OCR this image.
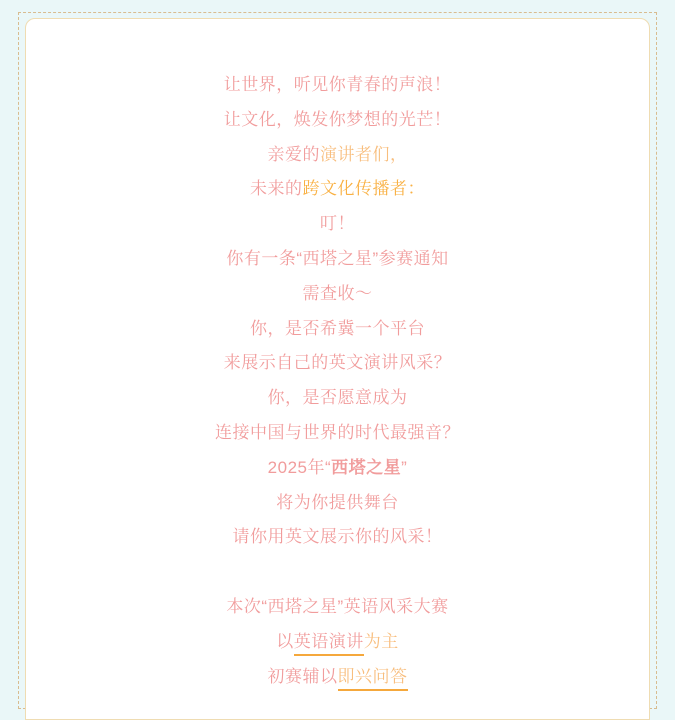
让世界，听见你青春的声浪！
让文化，焕发你梦想的光芒！
亲爱的演讲者们，
未来的跨文化传播者：
叮！
你有一条“西塔之星”参赛通知
需查收～
你，是否希冀一个平台
来展示自己的英文演讲风采？
你，是否愿意成为
连接中国与世界的时代最强音？
2025年“西塔之星”
将为你提供舞台
请你用英文展示你的风采！
本次“西塔之星”英语风采大赛
以英语演讲为主
初赛辅以即兴问答
